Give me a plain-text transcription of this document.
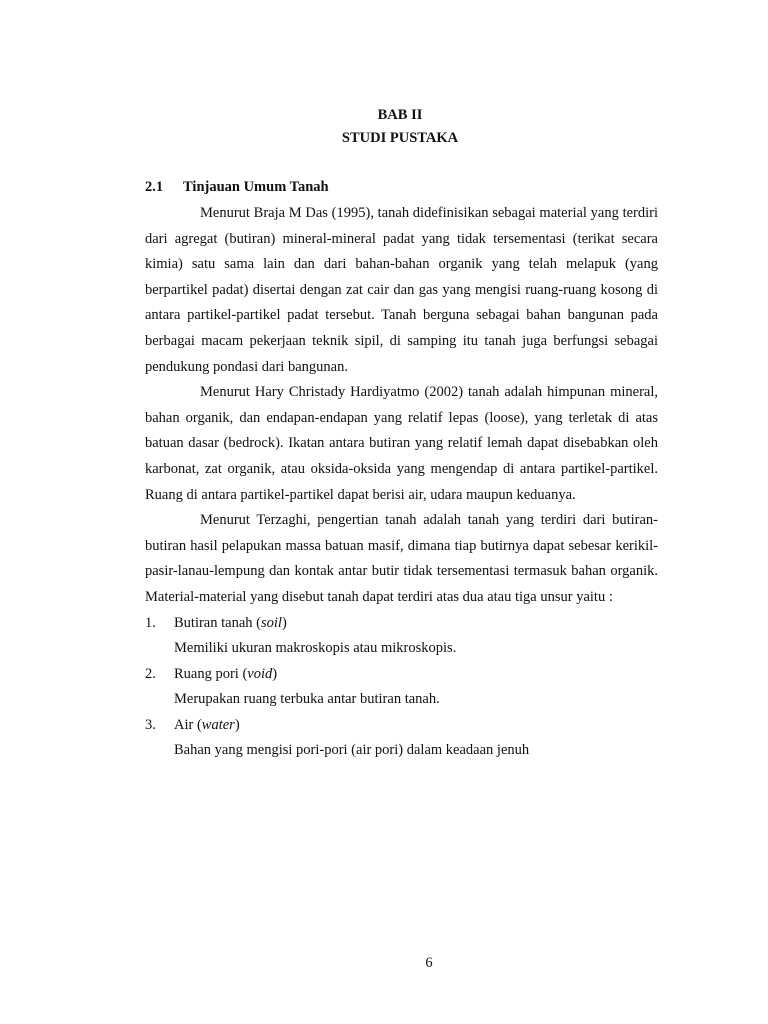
BAB II
STUDI PUSTAKA
2.1 Tinjauan Umum Tanah

Menurut Braja M Das (1995), tanah didefinisikan sebagai material yang terdiri dari agregat (butiran) mineral-mineral padat yang tidak tersementasi (terikat secara kimia) satu sama lain dan dari bahan-bahan organik yang telah melapuk (yang berpartikel padat) disertai dengan zat cair dan gas yang mengisi ruang-ruang kosong di antara partikel-partikel padat tersebut. Tanah berguna sebagai bahan bangunan pada berbagai macam pekerjaan teknik sipil, di samping itu tanah juga berfungsi sebagai pendukung pondasi dari bangunan.

Menurut Hary Christady Hardiyatmo (2002) tanah adalah himpunan mineral, bahan organik, dan endapan-endapan yang relatif lepas (loose), yang terletak di atas batuan dasar (bedrock). Ikatan antara butiran yang relatif lemah dapat disebabkan oleh karbonat, zat organik, atau oksida-oksida yang mengendap di antara partikel-partikel. Ruang di antara partikel-partikel dapat berisi air, udara maupun keduanya.

Menurut Terzaghi, pengertian tanah adalah tanah yang terdiri dari butiran-butiran hasil pelapukan massa batuan masif, dimana tiap butirnya dapat sebesar kerikil-pasir-lanau-lempung dan kontak antar butir tidak tersementasi termasuk bahan organik. Material-material yang disebut tanah dapat terdiri atas dua atau tiga unsur yaitu :

1. Butiran tanah (soil)
Memiliki ukuran makroskopis atau mikroskopis.
2. Ruang pori (void)
Merupakan ruang terbuka antar butiran tanah.
3. Air (water)
Bahan yang mengisi pori-pori (air pori) dalam keadaan jenuh
6
